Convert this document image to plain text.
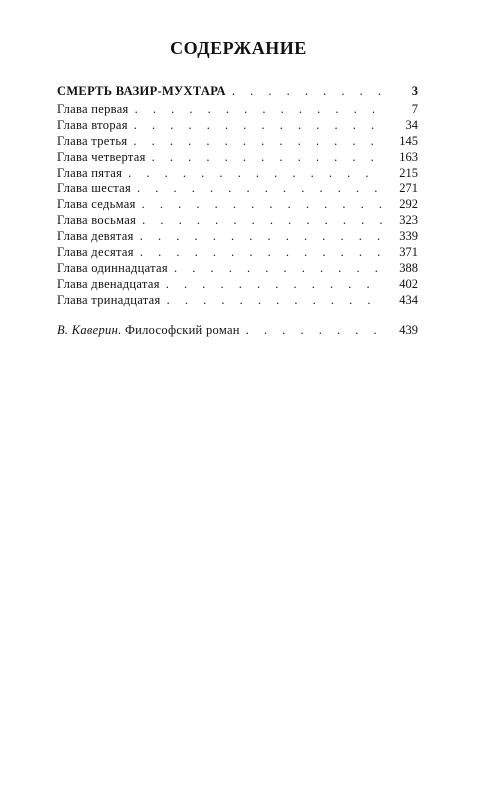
СОДЕРЖАНИЕ
СМЕРТЬ ВАЗИР-МУХТАРА . . .	3
Глава первая . . .	7
Глава вторая . . .	34
Глава третья . . .	145
Глава четвертая . . .	163
Глава пятая . . .	215
Глава шестая . . .	271
Глава седьмая . . .	292
Глава восьмая . . .	323
Глава девятая . . .	339
Глава десятая . . .	371
Глава одиннадцатая . . .	388
Глава двенадцатая . . .	402
Глава тринадцатая . . .	434
В. Каверин. Философский роман . . .	439
